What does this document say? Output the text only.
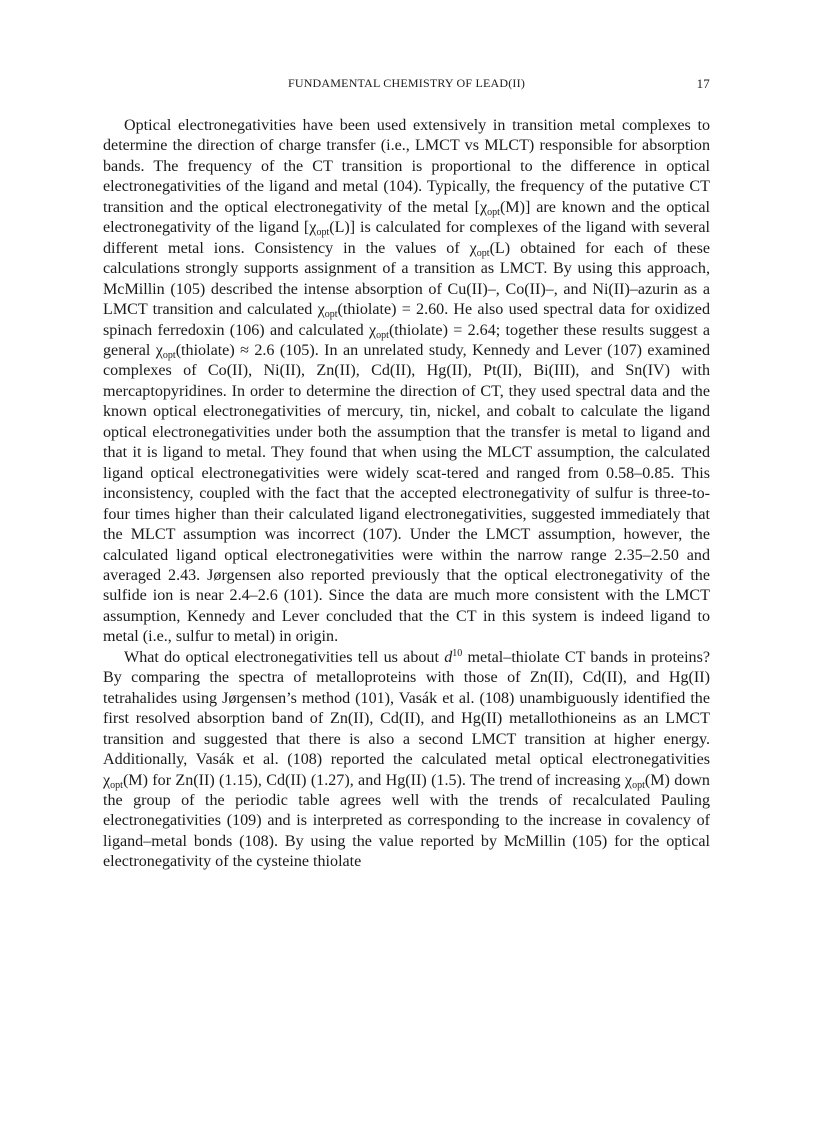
FUNDAMENTAL CHEMISTRY OF LEAD(II)	17

Optical electronegativities have been used extensively in transition metal complexes to determine the direction of charge transfer (i.e., LMCT vs MLCT) responsible for absorption bands. The frequency of the CT transition is proportional to the difference in optical electronegativities of the ligand and metal (104). Typically, the frequency of the putative CT transition and the optical electronegativity of the metal $[\chi_{opt}(M)]$ are known and the optical electronegativity of the ligand $[\chi_{opt}(L)]$ is calculated for complexes of the ligand with several different metal ions. Consistency in the values of $\chi_{opt}(L)$ obtained for each of these calculations strongly supports assignment of a transition as LMCT. By using this approach, McMillin (105) described the intense absorption of Cu(II)–, Co(II)–, and Ni(II)–azurin as a LMCT transition and calculated $\chi_{opt}(thiolate) = 2.60$. He also used spectral data for oxidized spinach ferredoxin (106) and calculated $\chi_{opt}(thiolate) = 2.64$; together these results suggest a general $\chi_{opt}(thiolate) \approx 2.6$ (105). In an unrelated study, Kennedy and Lever (107) examined complexes of Co(II), Ni(II), Zn(II), Cd(II), Hg(II), Pt(II), Bi(III), and Sn(IV) with mercaptopyridines. In order to determine the direction of CT, they used spectral data and the known optical electronegativities of mercury, tin, nickel, and cobalt to calculate the ligand optical electronegativities under both the assumption that the transfer is metal to ligand and that it is ligand to metal. They found that when using the MLCT assumption, the calculated ligand optical electronegativities were widely scat-tered and ranged from 0.58–0.85. This inconsistency, coupled with the fact that the accepted electronegativity of sulfur is three-to-four times higher than their calculated ligand electronegativities, suggested immediately that the MLCT assumption was incorrect (107). Under the LMCT assumption, however, the calculated ligand optical electronegativities were within the narrow range 2.35–2.50 and averaged 2.43. Jørgensen also reported previously that the optical electronegativity of the sulfide ion is near 2.4–2.6 (101). Since the data are much more consistent with the LMCT assumption, Kennedy and Lever concluded that the CT in this system is indeed ligand to metal (i.e., sulfur to metal) in origin.

What do optical electronegativities tell us about $d^{10}$ metal–thiolate CT bands in proteins? By comparing the spectra of metalloproteins with those of Zn(II), Cd(II), and Hg(II) tetrahalides using Jørgensen’s method (101), Vasák et al. (108) unambiguously identified the first resolved absorption band of Zn(II), Cd(II), and Hg(II) metallothioneins as an LMCT transition and suggested that there is also a second LMCT transition at higher energy. Additionally, Vasák et al. (108) reported the calculated metal optical electronegativities $\chi_{opt}(M)$ for Zn(II) (1.15), Cd(II) (1.27), and Hg(II) (1.5). The trend of increasing $\chi_{opt}(M)$ down the group of the periodic table agrees well with the trends of recalculated Pauling electronegativities (109) and is interpreted as corresponding to the increase in covalency of ligand–metal bonds (108). By using the value reported by McMillin (105) for the optical electronegativity of the cysteine thiolate
